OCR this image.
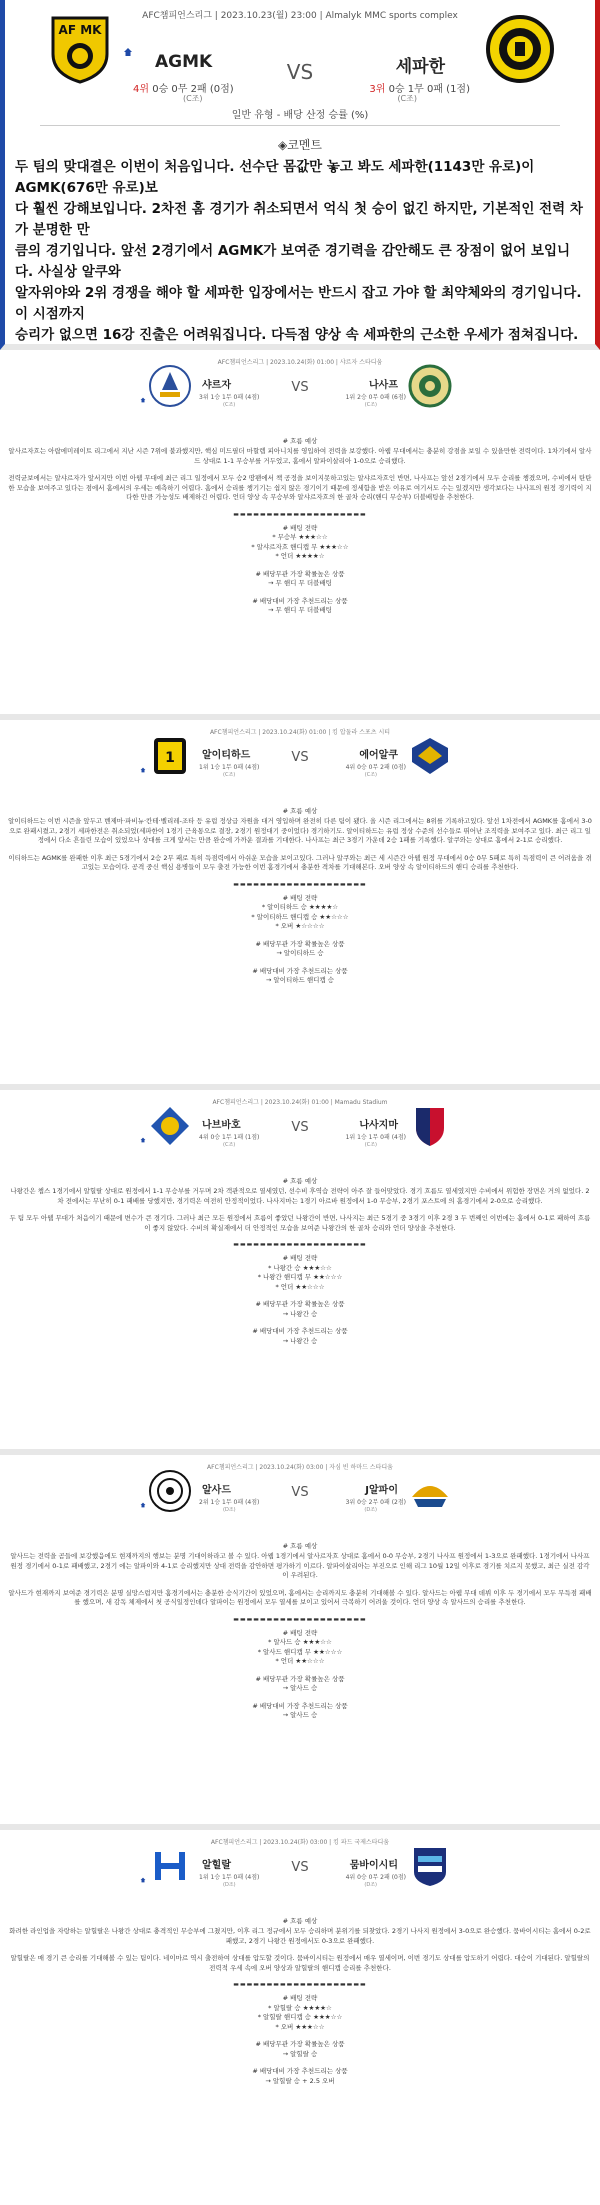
AFC챔피언스리그 | 2023.10.23(월) 23:00 | Almalyk MMC sports complex
AF MK
AGMK	VS	세파한
4위 0승 0무 2패 (0점)	3위 0승 1무 0패 (1점)
(C조)	(C조)
일반 유형 - 배당 산정 승률 (%)
◈코멘트
두 팀의 맞대결은 이번이 처음입니다. 선수단 몸값만 놓고 봐도 세파한(1143만 유로)이 AGMK(676만 유로)보
다 훨씬 강해보입니다. 2차전 홈 경기가 취소되면서 억식 첫 승이 없긴 하지만, 기본적인 전력 차가 분명한 만
큼의 경기입니다. 앞선 2경기에서 AGMK가 보여준 경기력을 감안해도 큰 장점이 없어 보입니다. 사실상 알쿠와
알자위야와 2위 경쟁을 해야 할 세파한 입장에서는 반드시 잡고 가야 할 최약체와의 경기입니다. 이 시점까지
승리가 없으면 16강 진출은 어려워집니다. 다득점 양상 속 세파한의 근소한 우세가 점쳐집니다.
AFC챔피언스리그 | 2023.10.24(화) 01:00 | 샤르자 스타디움
샤르자	VS	나사프
3위 1승 1무 0패 (4점)	1위 2승 0무 0패 (6점)
(C조)	(C조)
# 흐름 예상
알사르자흐는 아랍에미레이트 리그에서 지난 시즌 7위에 불과했지만, 핵심 미드필더 마할렙 피아니치를 영입하여 전력을 보강했다. 아웹 무대에서는 충분히 강점을 보일 수 있을만한 전력이다. 1차기에서 알사드 상대로 1-1 무승부를 거두었고, 홈에서 알파이살리아 1-0으로 승리했다.
전력균보에서는 알샤르자가 앞서지만 이번 아웹 무대에 최근 리그 일정에서 모두 승2 땅팬에서 책 공정을 보이지못하고있는 알샤르자흐인 반면, 나사프는 앞선 2경기에서 모두 승리를 챙겼으며, 수비에서 탄탄한 모습을 보여주고 있다는 점에서 홈에서의 우세는 예측하기 어렵다. 홈에서 승리를 챙기기는 쉽지 않은 경기이기 때문에 정세함을 받은 이유로 여기서도 수는 있겠지만 생각보다는 나사프의 원정 경기력이 지다한 만큼 가능성도 배제하긴 어렵다. 언더 양상 속 무승부와 알샤르자흐의 한 골차 승리(핸디 무승부) 더블배팅을 추천한다.
▬▬▬▬▬▬▬▬▬▬▬▬▬▬▬▬▬▬▬▬
# 배팅 전략
* 무승부 ★★★☆☆
* 알샤르자흐 핸디캡 무 ★★★☆☆
* 언더 ★★★★☆
# 배당무관 가장 확률높은 상품
→ 무 핸디 무 더블배팅
# 배당대비 가장 추천드리는 상품
→ 무 핸디 무 더블배팅
AFC챔피언스리그 | 2023.10.24(화) 01:00 | 킹 압둘라 스포츠 시티
1	알이티하드	VS	에어알쿠
1위 1승 1무 0패 (4점)	4위 0승 0무 2패 (0점)
(C조)	(C조)
# 흐름 예상
알이티하드는 이번 시즌을 앞두고 벤제마·파비뉴·칸테·벨리레-조타 등 유럽 정상급 자원을 대거 영입하며 완전히 다른 팀이 됐다. 올 시즌 리그에서는 8위를 기록하고있다. 앞선 1차전에서 AGMK를 홈에서 3-0으로 완패시켰고, 2경기 세파한전은 취소되었(세파한이 1경기 근육통으로 결장, 2경기 원정대기 중이었다) 경기하기도. 알이티하드는 유럽 정상 수준의 선수들로 뛰어난 조직력을 보여주고 있다. 최근 리그 일정에서 다소 흔들린 모습이 있었으나 상대를 크게 앞서는 만큼 완승에 가까운 결과를 기대한다. 나사프는 최근 3경기 가운데 2승 1패를 기록했다. 알쿠와는 상대로 홈에서 2-1로 승리했다.
이티하드는 AGMK를 완패한 이후 최근 5경기에서 2승 2무 패로 특히 득점력에서 아쉬운 모습을 보이고있다. 그러나 알쿠와는 최근 세 시즌간 아웹 원정 무대에서 0승 0무 5패로 특히 득점력이 큰 어려움을 겪고있는 모습이다. 공격 중신 핵심 용병들이 모두 출전 가능한 이번 홈경기에서 충분한 격차를 기대해본다. 오버 양상 속 알이티하드의 핸디 승리를 추천한다.
▬▬▬▬▬▬▬▬▬▬▬▬▬▬▬▬▬▬▬▬
# 배팅 전략
* 알이티하드 승 ★★★★☆
* 알이티하드 핸디캡 승 ★★☆☆☆
* 오버 ★☆☆☆☆
# 배당무관 가장 확률높은 상품
→ 알이티하드 승
# 배당대비 가장 추천드리는 상품
→ 알이티하드 핸디캡 승
AFC챔피언스리그 | 2023.10.24(화) 01:00 | Mamadu Stadium
나브바호	VS	나사지마
4위 0승 1무 1패 (1점)	1위 1승 1무 0패 (4점)
(C조)	(C조)
# 흐름 예상
나왕간은 챕스 1경기에서 알힐랄 상대로 원정에서 1-1 무승부를 거두며 2차 객관적으로 열세였던, 선수비 후역습 전략이 아주 잘 들어맞았다. 경기 흐름도 열세였지만 수비에서 위험한 장면은 거의 없었다. 2차 전에서는 무난히 0-1 패배를 당했지만, 경기력은 여전히 안정적이었다. 나사지마는 1경기 아르바 원정에서 1-0 무승부, 2경기 포스트에 의 홈경기에서 2-0으로 승리했다.
두 팀 모두 아웹 무대가 처음이기 때문에 변수가 큰 경기다. 그러나 최근 모든 원정에서 흐름이 좋았던 나왕간이 반면, 나사지는 최근 5경기 중 3경기 이후 2경 3 두 번째인 이번에는 홈에서 0-1로 패하여 흐름이 좋지 않았다. 수비의 확실재에서 더 안정적인 모습을 보여준 나왕간의 한 골차 승리와 언더 양상을 추천한다.
▬▬▬▬▬▬▬▬▬▬▬▬▬▬▬▬▬▬▬▬
# 배팅 전략
* 나왕간 승 ★★★☆☆
* 나왕간 핸디캡 무 ★★☆☆☆
* 언더 ★★☆☆☆
# 배당무관 가장 확률높은 상품
→ 나왕간 승
# 배당대비 가장 추천드리는 상품
→ 나왕간 승
AFC챔피언스리그 | 2023.10.24(화) 03:00 | 자심 빈 하마드 스타디움
알사드	VS	J알파이
2위 1승 1무 0패 (4점)	3위 0승 2무 0패 (2점)
(D조)	(D조)
# 흐름 예상
알사드는 전력을 곰들에 보강했음에도 현재까지의 행보는 분명 기대이하라고 볼 수 있다. 아웹 1경기에서 알사르자흐 상대로 홈에서 0-0 무승부, 2경기 나사프 원정에서 1-3으로 완패했다. 1경기에서 나사프 원정 경기에서 0-1로 패배했고, 2경기 에는 알파이와 4-1로 승리했지만 상대 전력을 감안하면 평가하기 이르다. 알파이살리아는 부진으로 인해 리그 10월 12일 이후로 경기를 치르지 못했고, 최근 실전 감각이 우려된다.
알사드가 현재까지 보여준 경기력은 분명 실망스럽지만 홈경기에서는 충분한 승식기간이 있었으며, 홈에서는 승리까지도 충분히 기대해볼 수 있다. 알사드는 아웹 무대 데뷔 이후 두 경기에서 모두 무득점 패배를 했으며, 새 감독 체제에서 첫 공식일정인데다 알파이는 원정에서 모두 열세를 보이고 있어서 극복하기 어려울 것이다. 언더 양상 속 알사드의 승리를 추천한다.
▬▬▬▬▬▬▬▬▬▬▬▬▬▬▬▬▬▬▬▬
# 배팅 전략
* 알사드 승 ★★★☆☆
* 알사드 핸디캡 무 ★★☆☆☆
* 언더 ★★☆☆☆
# 배당무관 가장 확률높은 상품
→ 알사드 승
# 배당대비 가장 추천드리는 상품
→ 알사드 승
AFC챔피언스리그 | 2023.10.24(화) 03:00 | 킹 파드 국제스타디움
알힐랄	VS	뭄바이시티
1위 1승 1무 0패 (4점)	4위 0승 0무 2패 (0점)
(D조)	(D조)
# 흐름 예상
화려한 라인업을 자랑하는 알힐랄은 나왕간 상대로 충격적인 무승부에 그쳤지만, 이후 리그 정규에서 모두 승리하며 분위기를 되찾았다. 2경기 나사지 원정에서 3-0으로 완승했다. 뭄바이시티는 홈에서 0-2로 패했고, 2경기 나왕간 원정에서도 0-3으로 완패했다.
알힐랄은 매 경기 큰 승리를 기대해볼 수 있는 팀이다. 네이마르 역시 출전하여 상대를 압도할 것이다. 뭄바이시티는 원정에서 매우 열세이며, 이번 경기도 상대를 압도하기 어렵다. 대승이 기대된다. 알힐랄의 전력적 우세 속에 오버 양상과 알힐랄의 핸디캡 승리를 추천한다.
▬▬▬▬▬▬▬▬▬▬▬▬▬▬▬▬▬▬▬▬
# 배팅 전략
* 알힐랄 승 ★★★★☆
* 알힐랄 핸디캡 승 ★★★☆☆
* 오버 ★★★☆☆
# 배당무관 가장 확률높은 상품
→ 알힐랄 승
# 배당대비 가장 추천드리는 상품
→ 알힐랄 승 + 2.5 오버
